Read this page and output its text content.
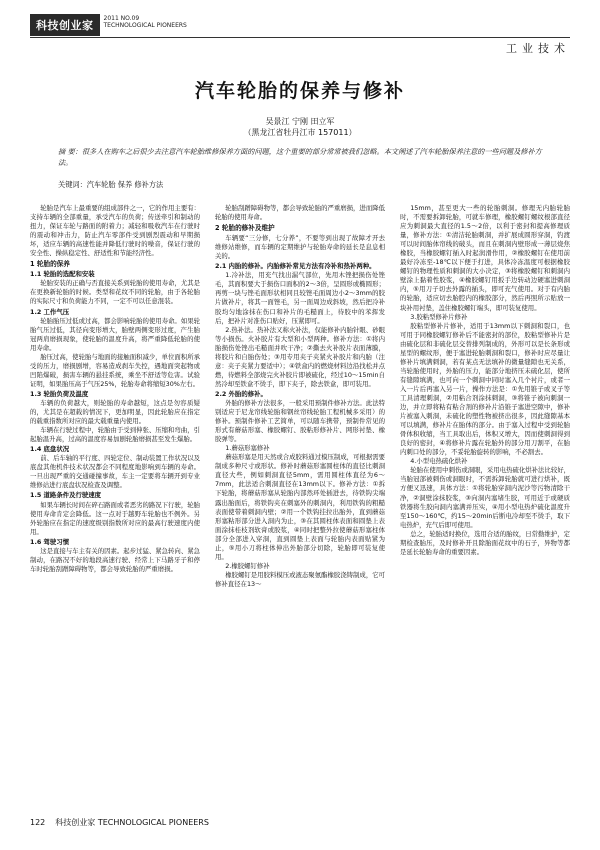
科技创业家
2011 NO.09
TECHNOLOGICAL PIONEERS
工业技术
汽车轮胎的保养与修补
吴景江 宁刚 田立军
（黑龙江省牡丹江市 157011）
摘 要：很多人在购车之后很少去注意汽车轮胎维修保养方面的问题，这个重要的部分常常被我们忽略。本文阐述了汽车轮胎保养注意的一些问题及修补方法。
关键词：汽车轮胎 保养 修补方法

轮胎是汽车上最重要的组成部件之一，它的作用主要有：支持车辆的全部重量，承受汽车的负荷；传送牵引和制动的扭力，保证车轮与路面的附着力；减轻和吸收汽车在行驶时的震动和冲击力，防止汽车零部件受到剧烈震动和早期损坏，适应车辆的高速性能并降低行驶时的噪音，保证行驶的安全性、操纵稳定性、舒适性和节能经济性。

1 轮胎的保养
1.1 轮胎的选配和安装

轮胎安装的正确与否直接关系到轮胎的使用寿命，尤其是在更换新轮胎的时候。类型和花纹不同的轮胎，由于各轮胎的实际尺寸和负荷能力不同，一定不可以任意混装。

1.2 工作气压

轮胎胎压过低或过高，都会影响轮胎的使用寿命。如果轮胎气压过低，其径向变形增大，胎壁两侧变形过度，产生胎冠两肩磨损现象，使轮胎的温度升高，将严重降低轮胎的使用寿命。

胎压过高，使轮胎与地面的接触面积减少，单位面积所承受的压力，磨损剧增，容易造成刹车失控，遇地面突起物或凹陷爆破，损害车辆的悬挂系统，乘坐不舒适等危害。试验证明，如果胎压高于气压25%，轮胎寿命将缩短30%左右。

1.3 轮胎负荷及温度

车辆的负荷越大，则轮胎的寿命越短，这点是勿容质疑的，尤其是在超载的情况下，更加明显，因此轮胎应在指定的载重指数所对应的最大载重量内使用。

车辆在行驶过程中，轮胎由于受到伸张、压缩和弯曲，引起胎温升高，过高的温度容易加剧轮胎磨损甚至发生爆胎。

1.4 底盘状况

前、后车轴的平行度、四轮定位、制动装置工作状况以及底盘其他机件技术状况都会不同程度地影响到车辆的寿命。一旦出现严重的交通碰撞事故，车主一定要将车辆开到专业维修站进行底盘状况检查及调整。

1.5 道路条件及行驶速度

如果车辆长时间在碎石路面或者恶劣的路况下行驶，轮胎使用寿命肯定会降低。这一点对于越野车轮胎也不例外。另外轮胎应在指定的速度级别指数所对应的最高行驶速度内使用。

1.6 驾驶习惯

这是直接与车主有关的因素。起步过猛、紧急转向、紧急制动，在路况不好的地段高速行驶、经常上下马路牙子和停车时轮胎刮蹭障碍物等，都会导致轮胎的严重磨损。

轮胎刮蹭障碍物等，都会导致轮胎的严重磨损，进而降低轮胎的使用寿命。

2 轮胎的修补及维护

车辆要“三分修，七分养”，不要等到出现了故障才开去维修站维修，而车辆的定期维护与轮胎寿命的延长是息息相关的。

2.1 内胎的修补。内胎修补常见方法有冷补和热补两种。

1.冷补法，用充气找出漏气部位，先用木锉把损伤处锉毛，其面积要大于损伤口面积的2～3倍，呈圆形或椭圆形；再剪一块与锉毛面形状相同且较锉毛面周边小2～3mm的胶片做补片，将其一面锉毛，另一面周边成斜坡，然后把冷补胶均匀地涂抹在伤口和补片的毛糙面上，待胶中的苯挥发后，把补片对准伤口贴好，压紧即可。

2.热补法。热补法又称火补法，仅能修补内胎针眼、砂眼等小损伤。火补胶片有大型和小型两种。修补方法：①将内胎损伤处锉出毛糙面并吹干净；②撕去火补胶片表面薄膜，将胶片和自胎伤处；③用专用夹子夹紧火补胶片和内胎（注意：夹子夹紧力要适中）；④铁盒内的燃烧材料边沿找松并点燃，待燃料全部烧完火补胶片即被硫化，经过10～15min自然冷却至铁盒不烫手，即下夹子，除去铁盒，即可装用。

2.2 外胎的修补。

外胎的修补方法很多，一般采用预制件修补方法。此法特别适应于尼龙帘线轮胎和钢丝帘线轮胎工程机械多采用）的修补。预制件修补工艺简单，可以随车携带，预制件常见的形式有蘑菇形塞、橡胶螺钉、胶粘形修补片、网形衬垫、橡胶弹等。

1.蘑菇形塞修补

蘑菇形塞是用天然或合成胶料通过模压制成，可根据需要制成多种尺寸或形状。修补时蘑菇形塞圆柱体的直径比刺洞直径大些，例如刺洞直径5mm，需用圆柱体直径为6～7mm，此法适合刺洞直径在13mm以下。修补方法：①拆下轮胎，将蘑菇形塞从轮胎内部然环处插进去，待铁钩尖端露出胎面后，将铁钩夹在刺塞外的刺洞内，利用铁钩的粗糙表面使带着刺洞内壁；②用一个铁钩挂拉出胎外，直到蘑菇形塞粘形部分进入洞内为止，③在其圆柱体表面和圆垫上表面涂抹桂枝剂软膏或胶浆，④同时把整外拉使蘑菇形塞柱体部分全部进入穿洞，直到圆垫上表面与轮胎内表面贴紧为止，⑤用小刀将柱体伸出外胎部分切除，轮胎即可装复使用。

2.橡胶螺钉修补

橡胶螺钉是用胶料模压或液态聚氨酯橡胶浇铸制成，它可修补直径在13～

15mm，甚至更大一些的轮胎刺洞。修理无内胎轮胎时，不需要拆卸轮胎，可就车修理，橡胶螺钉螺纹根部直径应为刺洞最大直径的1.5～2倍，以利于密封和提高修理质量，修补方法：①清洁轮胎刺洞，并扩展成圆形穿洞，钓渡可以时间胎体帘线的破头，而且在刺洞内壁形成一薄层烧焦橡胶，当橡胶螺钉插入时起润滑作用，②橡胶螺钉在使用前最好冷冻至-18℃以下便于打进，具体冷冻温度可根据橡胶螺钉的物理性质和刺洞的大小决定，③将橡胶螺钉和刺洞内壁涂上黏着性胶浆，④橡胶螺钉用扳手边转动边硬塞进刺洞内，⑤用刀子切去外露的插头，即可充气使用。对于有内胎的轮胎，适应切去胎腔内的橡胶部分，然后再照所示贴放一块补用衬垫，盖住橡胶螺钉端头，即可装复使用。

3.胶粘型修补片修补

胶粘型修补片修补，适用于13mm以下刺洞和裂口，也可用于同橡胶螺钉修补后不能密封的部位，胶粘型修补片是由硫化层和非硫化层交替排列制成的，外形可以是长条形或星型的螺纹形，便于塞进轮胎刺洞和裂口，修补时应尽量让修补片填满刺洞，若有某点无法填补的微量缝隙也无关系，当轮胎使用时，外胎的压力，能部分地挤压未硫化层，使所有缝隙填满，也可向一个刺洞中同时塞入几个衬片，或者一入一片后再塞入另一片，操作方法是：①先用锥子或叉子等工具清理刺洞，②用粘合剂涂抹刺洞，③将锥子被向刺洞一边，并立即将粘有粘合剂的修补片沿锥子塞进空隙中，修补片被塞入刺洞，未硫化的塑性物被挤出很多，因此缝隙基本可以填满，修补片在胎体的部分。由于塞入过程中受到轮胎骨体积收缩，当工具取出后，体积又增大，因而使刺洞得到良好的密封，④将修补片露在轮胎外的部分用刀割平，在胎内刺口处的部分，不妥轮胎旋转的影响，不必割去。

4.小型电热硫化烘补

轮胎在使用中刺伤或洞眼，采用电热硫化烘补法比较好，当胎冠部被刺伤或洞眼时，不需拆卸轮胎就可进行烘补，既方便又迅速，具体方法：①将轮胎穿洞内泥沙等污物清除干净，②洞壁涂抹胶浆，③向洞内塞堵生胶，可用近于或硬质铁器将生胶向洞内塞满并压实，④用小型电热炉硫化温度升至150～160℃，约15～20min后断电冷却至不烫手，取下电热炉，充气后即可使用。

总之，轮胎适时换位，选用合适的胎纹，日常勤维护，定期检查胎压，及时修补开且除胎面花纹中的石子，异物等都是延长轮胎寿命的重要因素。

122 科技创业家 TECHNOLOGICAL PIONEERS
